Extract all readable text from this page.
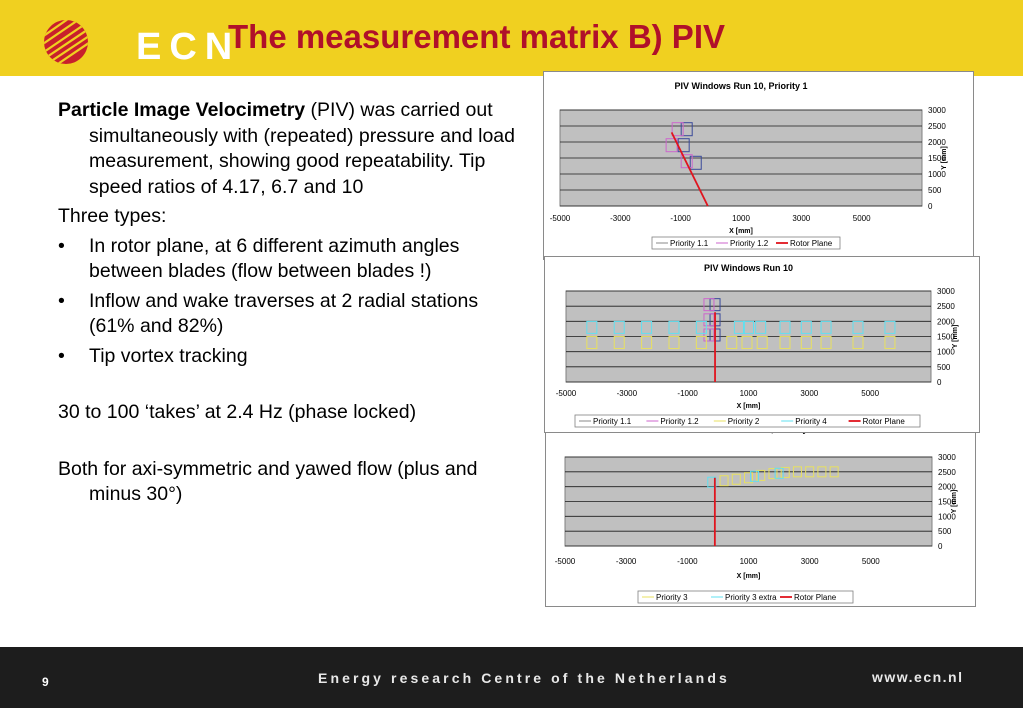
ECN
The measurement matrix B) PIV

Particle Image Velocimetry (PIV) was carried out simultaneously with (repeated) pressure and load measurement, showing good repeatability. Tip speed ratios of 4.17, 6.7 and 10

Three types:

• In rotor plane, at 6 different azimuth angles between blades (flow between blades !)
• Inflow and wake traverses at 2 radial stations (61% and 82%)
• Tip vortex tracking

30 to 100 ‘takes’ at 2.4 Hz (phase locked)

Both for axi-symmetric and yawed flow (plus and minus 30°)

PIV Windows Run 10, Priority 1
0
500
1000
1500
2000
2500
3000
-5000	-3000	-1000	1000	3000	5000
X [mm]
Y [mm]
Priority 1.1	Priority 1.2	Rotor Plane
0
500
1000
1500
2000
2500
3000
-5000	-3000	-1000	1000	3000	5000
X [mm]
Y [mm]
Priority 3	Priority 3 extra Rotor Plane
PIV Windows Run 10
0
500
1000
1500
2000
2500
3000
-5000	-3000	-1000	1000	3000	5000
X [mm]
Y [mm]
Priority 1.1	Priority 1.2	Priority 2	Priority 4	Rotor Plane
9	Energy research Centre of the Netherlands	www.ecn.nl
